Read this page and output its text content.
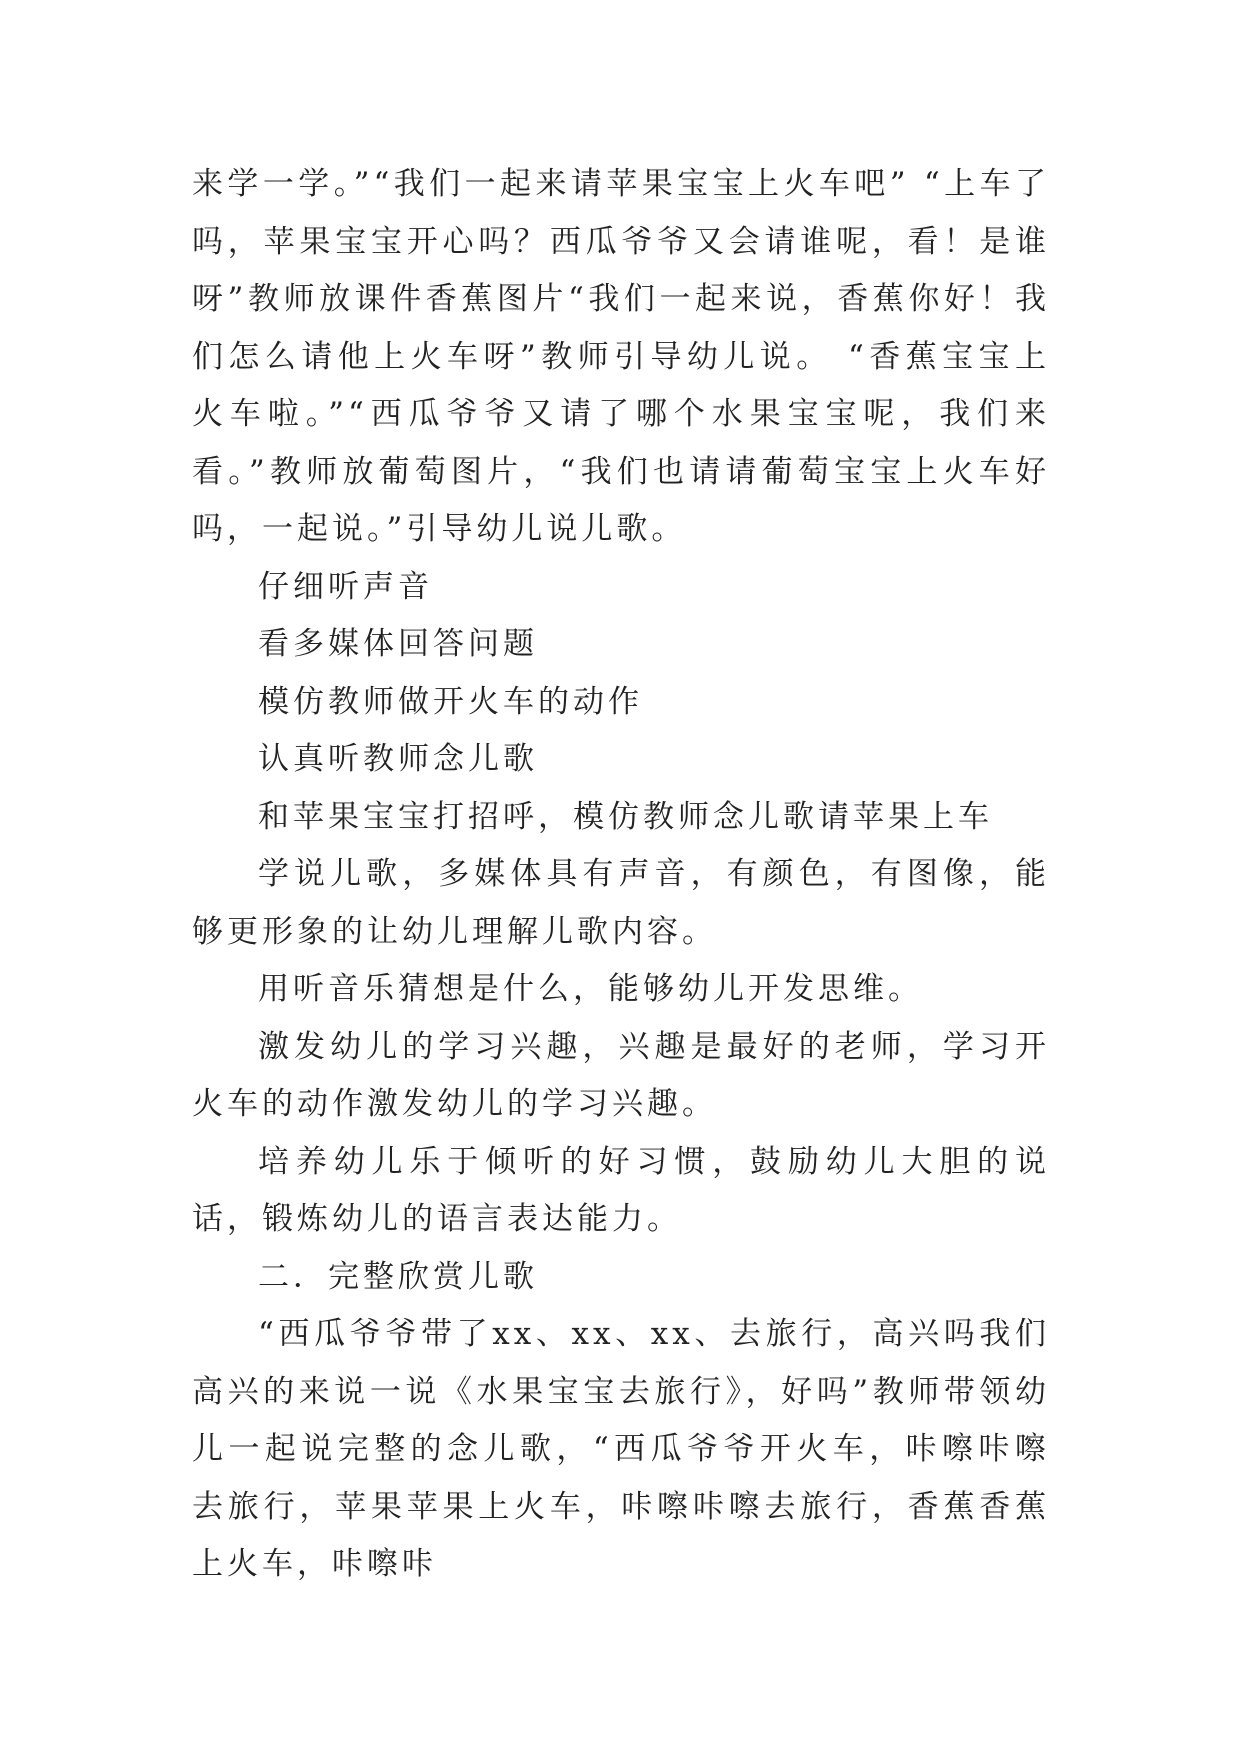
来学一学。”“我们一起来请苹果宝宝上火车吧” “上车了吗，苹果宝宝开心吗？西瓜爷爷又会请谁呢，看！是谁呀”教师放课件香蕉图片“我们一起来说，香蕉你好！我们怎么请他上火车呀”教师引导幼儿说。 “香蕉宝宝上火车啦。”“西瓜爷爷又请了哪个水果宝宝呢，我们来看。”教师放葡萄图片，“我们也请请葡萄宝宝上火车好吗，一起说。”引导幼儿说儿歌。

仔细听声音

看多媒体回答问题

模仿教师做开火车的动作

认真听教师念儿歌

和苹果宝宝打招呼，模仿教师念儿歌请苹果上车

学说儿歌，多媒体具有声音，有颜色，有图像，能够更形象的让幼儿理解儿歌内容。

用听音乐猜想是什么，能够幼儿开发思维。

激发幼儿的学习兴趣，兴趣是最好的老师，学习开火车的动作激发幼儿的学习兴趣。

培养幼儿乐于倾听的好习惯，鼓励幼儿大胆的说话，锻炼幼儿的语言表达能力。

二．完整欣赏儿歌

“西瓜爷爷带了xx、xx、xx、去旅行，高兴吗我们高兴的来说一说《水果宝宝去旅行》，好吗”教师带领幼儿一起说完整的念儿歌，“西瓜爷爷开火车，咔嚓咔嚓去旅行，苹果苹果上火车，咔嚓咔嚓去旅行，香蕉香蕉上火车，咔嚓咔
